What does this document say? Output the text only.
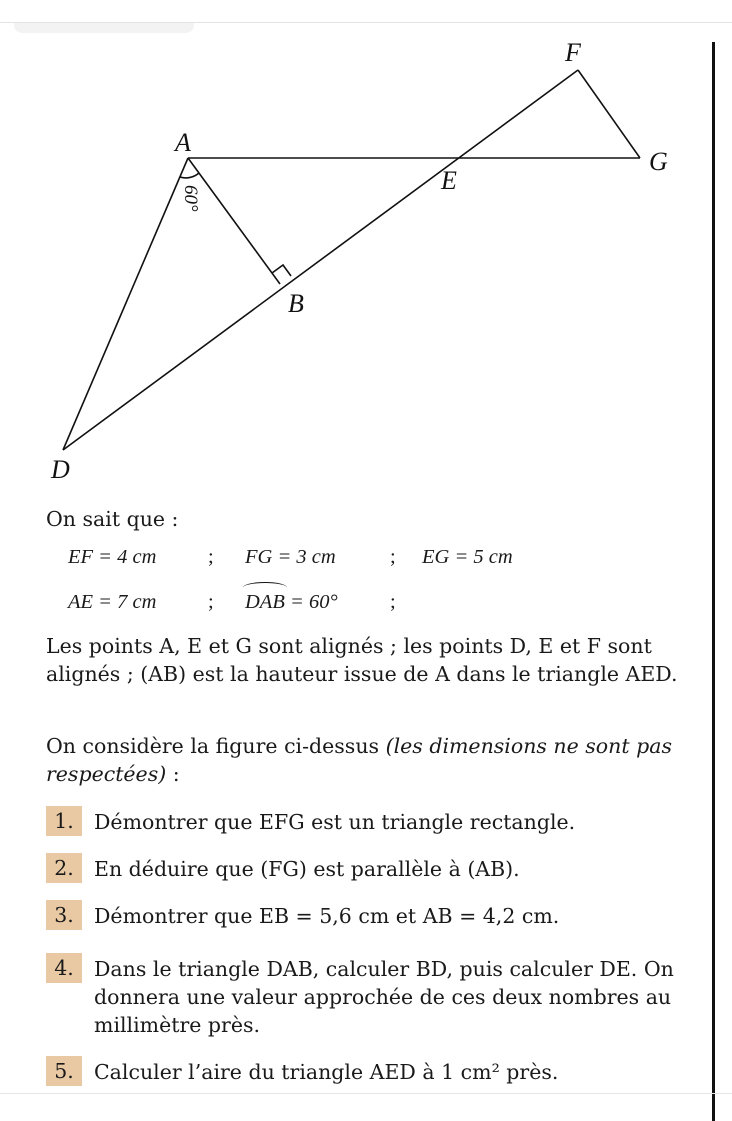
F
A
G
E
B
D
60°
On sait que :
EF = 4 cm	; FG = 3 cm	; EG = 5 cm
AE = 7 cm	; DAB = 60°	;
Les points A, E et G sont alignés ; les points D, E et F sont alignés ; (AB) est la hauteur issue de A dans le triangle AED.
On considère la figure ci-dessus (les dimensions ne sont pas respectées) :
1. Démontrer que EFG est un triangle rectangle.
2. En déduire que (FG) est parallèle à (AB).
3. Démontrer que EB = 5,6 cm et AB = 4,2 cm.
4. Dans le triangle DAB, calculer BD, puis calculer DE. On donnera une valeur approchée de ces deux nombres au millimètre près.
5. Calculer l’aire du triangle AED à 1 cm² près.
